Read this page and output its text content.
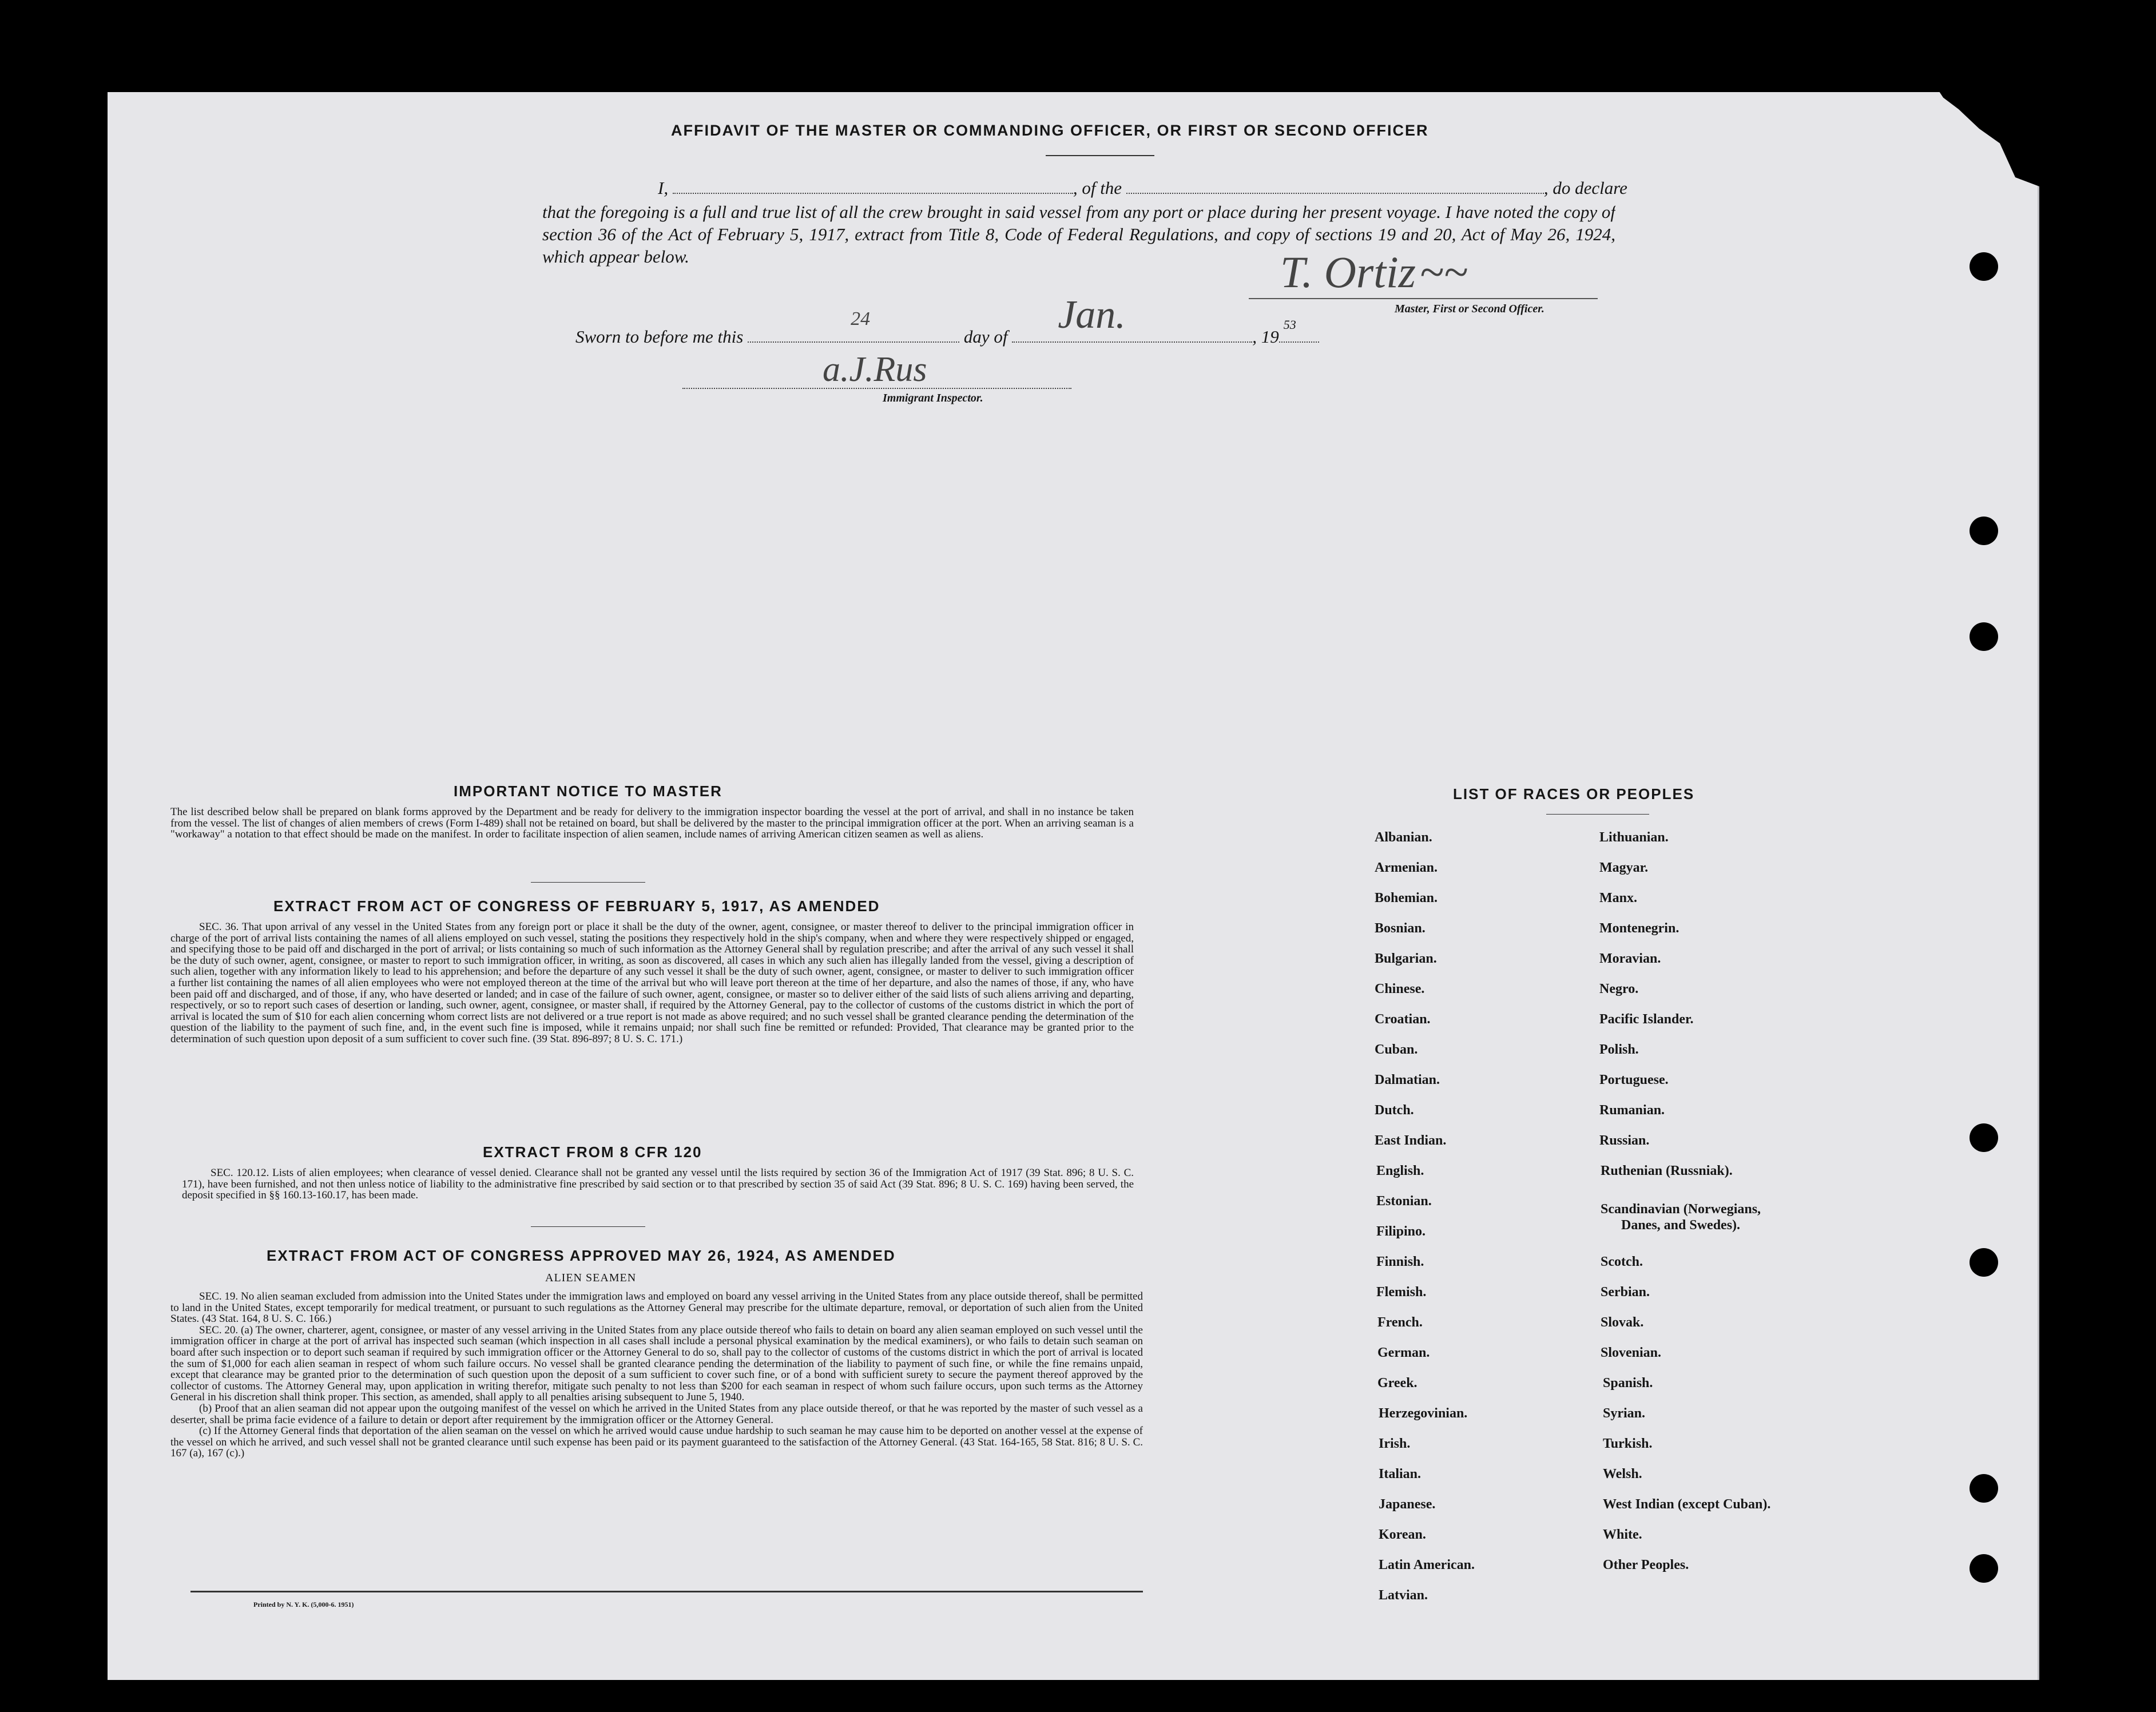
AFFIDAVIT OF THE MASTER OR COMMANDING OFFICER, OR FIRST OR SECOND OFFICER
I,	, of the	, do declare
that the foregoing is a full and true list of all the crew brought in said vessel from any port or place during her present voyage. I have noted the copy of section 36 of the Act of February 5, 1917, extract from Title 8, Code of Federal Regulations, and copy of sections 19 and 20, Act of May 26, 1924, which appear below.	T. Ortiz ~~
Master, First or Second Officer.
Sworn to before me this
24
day of Jan.	, 19
53
a.J.Rus
Immigrant Inspector.
IMPORTANT NOTICE TO MASTER
The list described below shall be prepared on blank forms approved by the Department and be ready for delivery to the immigration inspector boarding the vessel at the port of arrival, and shall in no instance be taken from the vessel. The list of changes of alien members of crews (Form I-489) shall not be retained on board, but shall be delivered by the master to the principal immigration officer at the port. When an arriving seaman is a "workaway" a notation to that effect should be made on the manifest. In order to facilitate inspection of alien seamen, include names of arriving American citizen seamen as well as aliens.
EXTRACT FROM ACT OF CONGRESS OF FEBRUARY 5, 1917, AS AMENDED
SEC. 36. That upon arrival of any vessel in the United States from any foreign port or place it shall be the duty of the owner, agent, consignee, or master thereof to deliver to the principal immigration officer in charge of the port of arrival lists containing the names of all aliens employed on such vessel, stating the positions they respectively hold in the ship's company, when and where they were respectively shipped or engaged, and specifying those to be paid off and discharged in the port of arrival; or lists containing so much of such information as the Attorney General shall by regulation prescribe; and after the arrival of any such vessel it shall be the duty of such owner, agent, consignee, or master to report to such immigration officer, in writing, as soon as discovered, all cases in which any such alien has illegally landed from the vessel, giving a description of such alien, together with any information likely to lead to his apprehension; and before the departure of any such vessel it shall be the duty of such owner, agent, consignee, or master to deliver to such immigration officer a further list containing the names of all alien employees who were not employed thereon at the time of the arrival but who will leave port thereon at the time of her departure, and also the names of those, if any, who have been paid off and discharged, and of those, if any, who have deserted or landed; and in case of the failure of such owner, agent, consignee, or master so to deliver either of the said lists of such aliens arriving and departing, respectively, or so to report such cases of desertion or landing, such owner, agent, consignee, or master shall, if required by the Attorney General, pay to the collector of customs of the customs district in which the port of arrival is located the sum of $10 for each alien concerning whom correct lists are not delivered or a true report is not made as above required; and no such vessel shall be granted clearance pending the determination of the question of the liability to the payment of such fine, and, in the event such fine is imposed, while it remains unpaid; nor shall such fine be remitted or refunded: Provided, That clearance may be granted prior to the determination of such question upon deposit of a sum sufficient to cover such fine. (39 Stat. 896-897; 8 U. S. C. 171.)
EXTRACT FROM 8 CFR 120
SEC. 120.12. Lists of alien employees; when clearance of vessel denied. Clearance shall not be granted any vessel until the lists required by section 36 of the Immigration Act of 1917 (39 Stat. 896; 8 U. S. C. 171), have been furnished, and not then unless notice of liability to the administrative fine prescribed by said section or to that prescribed by section 35 of said Act (39 Stat. 896; 8 U. S. C. 169) having been served, the deposit specified in §§ 160.13-160.17, has been made.
EXTRACT FROM ACT OF CONGRESS APPROVED MAY 26, 1924, AS AMENDED
ALIEN SEAMEN

SEC. 19. No alien seaman excluded from admission into the United States under the immigration laws and employed on board any vessel arriving in the United States from any place outside thereof, shall be permitted to land in the United States, except temporarily for medical treatment, or pursuant to such regulations as the Attorney General may prescribe for the ultimate departure, removal, or deportation of such alien from the United States. (43 Stat. 164, 8 U. S. C. 166.)

SEC. 20. (a) The owner, charterer, agent, consignee, or master of any vessel arriving in the United States from any place outside thereof who fails to detain on board any alien seaman employed on such vessel until the immigration officer in charge at the port of arrival has inspected such seaman (which inspection in all cases shall include a personal physical examination by the medical examiners), or who fails to detain such seaman on board after such inspection or to deport such seaman if required by such immigration officer or the Attorney General to do so, shall pay to the collector of customs of the customs district in which the port of arrival is located the sum of $1,000 for each alien seaman in respect of whom such failure occurs. No vessel shall be granted clearance pending the determination of the liability to payment of such fine, or while the fine remains unpaid, except that clearance may be granted prior to the determination of such question upon the deposit of a sum sufficient to cover such fine, or of a bond with sufficient surety to secure the payment thereof approved by the collector of customs. The Attorney General may, upon application in writing therefor, mitigate such penalty to not less than $200 for each seaman in respect of whom such failure occurs, upon such terms as the Attorney General in his discretion shall think proper. This section, as amended, shall apply to all penalties arising subsequent to June 5, 1940.

(b) Proof that an alien seaman did not appear upon the outgoing manifest of the vessel on which he arrived in the United States from any place outside thereof, or that he was reported by the master of such vessel as a deserter, shall be prima facie evidence of a failure to detain or deport after requirement by the immigration officer or the Attorney General.

(c) If the Attorney General finds that deportation of the alien seaman on the vessel on which he arrived would cause undue hardship to such seaman he may cause him to be deported on another vessel at the expense of the vessel on which he arrived, and such vessel shall not be granted clearance until such expense has been paid or its payment guaranteed to the satisfaction of the Attorney General. (43 Stat. 164-165, 58 Stat. 816; 8 U. S. C. 167 (a), 167 (c).)

Printed by N. Y. K. (5,000-6. 1951)
LIST OF RACES OR PEOPLES
Albanian.
Armenian.
Bohemian.
Bosnian.
Bulgarian.
Chinese.
Croatian.
Cuban.
Dalmatian.
Dutch.
East Indian.
English.
Estonian.
Filipino.
Finnish.
Flemish.
French.
German.
Greek.
Herzegovinian.
Irish.
Italian.
Japanese.
Korean.
Latin American.
Latvian.
Lithuanian.
Magyar.
Manx.
Montenegrin.
Moravian.
Negro.
Pacific Islander.
Polish.
Portuguese.
Rumanian.
Russian.
Ruthenian (Russniak).
Scandinavian (Norwegians,
Danes, and Swedes).
Scotch.
Serbian.
Slovak.
Slovenian.
Spanish.
Syrian.
Turkish.
Welsh.
West Indian (except Cuban).
White.
Other Peoples.
